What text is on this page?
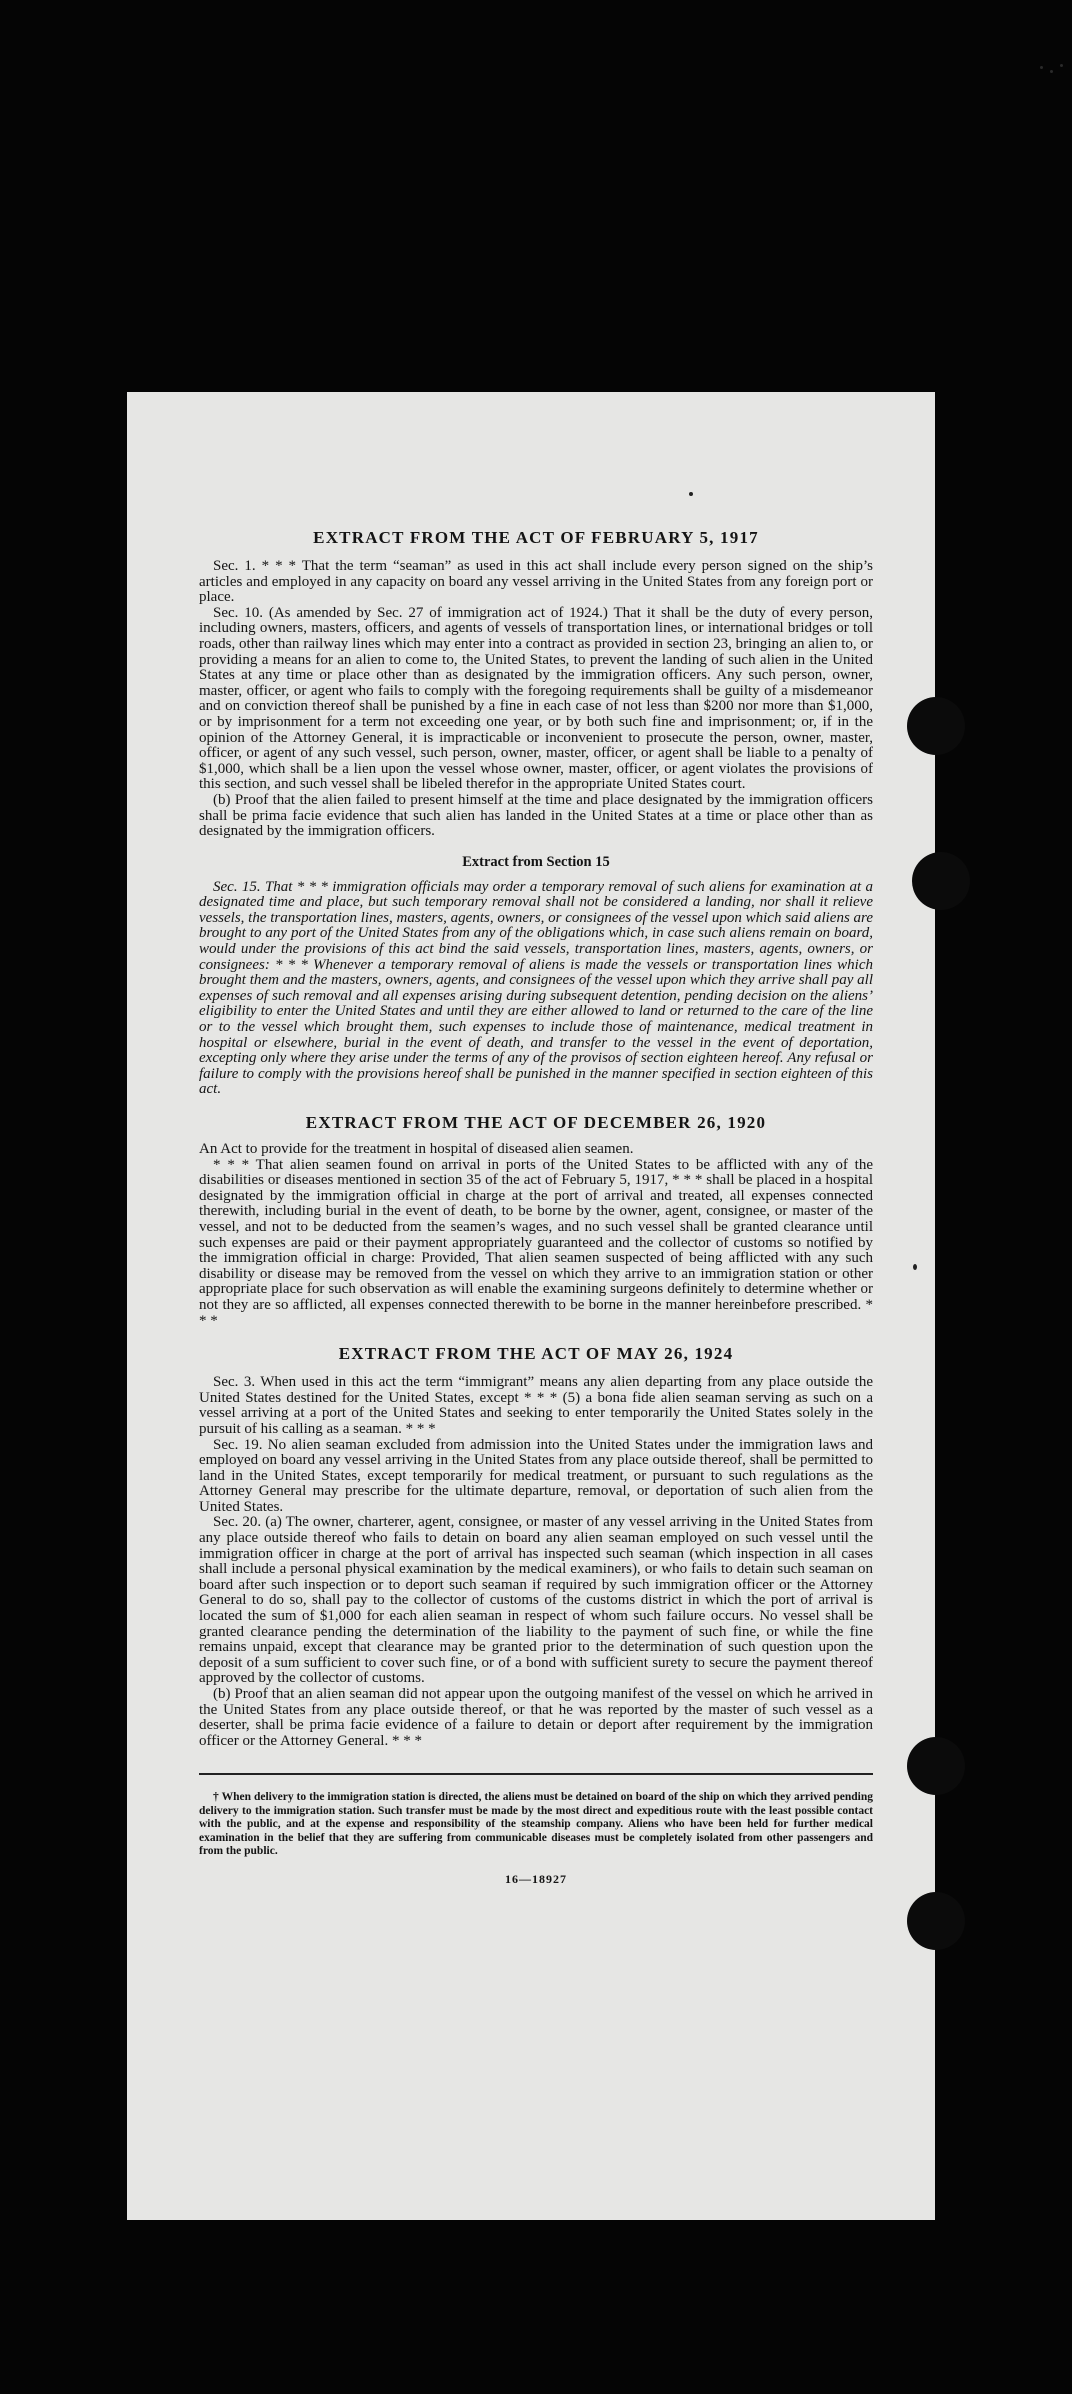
EXTRACT FROM THE ACT OF FEBRUARY 5, 1917

Sec. 1. * * * That the term “seaman” as used in this act shall include every person signed on the ship’s articles and employed in any capacity on board any vessel arriving in the United States from any foreign port or place.

Sec. 10. (As amended by Sec. 27 of immigration act of 1924.) That it shall be the duty of every person, including owners, masters, officers, and agents of vessels of transportation lines, or international bridges or toll roads, other than railway lines which may enter into a contract as provided in section 23, bringing an alien to, or providing a means for an alien to come to, the United States, to prevent the landing of such alien in the United States at any time or place other than as designated by the immigration officers. Any such person, owner, master, officer, or agent who fails to comply with the foregoing requirements shall be guilty of a misdemeanor and on conviction thereof shall be punished by a fine in each case of not less than $200 nor more than $1,000, or by imprisonment for a term not exceeding one year, or by both such fine and imprisonment; or, if in the opinion of the Attorney General, it is impracticable or inconvenient to prosecute the person, owner, master, officer, or agent of any such vessel, such person, owner, master, officer, or agent shall be liable to a penalty of $1,000, which shall be a lien upon the vessel whose owner, master, officer, or agent violates the provisions of this section, and such vessel shall be libeled therefor in the appropriate United States court.

(b) Proof that the alien failed to present himself at the time and place designated by the immigration officers shall be prima facie evidence that such alien has landed in the United States at a time or place other than as designated by the immigration officers.

Extract from Section 15

Sec. 15. That * * * immigration officials may order a temporary removal of such aliens for examination at a designated time and place, but such temporary removal shall not be considered a landing, nor shall it relieve vessels, the transportation lines, masters, agents, owners, or consignees of the vessel upon which said aliens are brought to any port of the United States from any of the obligations which, in case such aliens remain on board, would under the provisions of this act bind the said vessels, transportation lines, masters, agents, owners, or consignees: * * * Whenever a temporary removal of aliens is made the vessels or transportation lines which brought them and the masters, owners, agents, and consignees of the vessel upon which they arrive shall pay all expenses of such removal and all expenses arising during subsequent detention, pending decision on the aliens’ eligibility to enter the United States and until they are either allowed to land or returned to the care of the line or to the vessel which brought them, such expenses to include those of maintenance, medical treatment in hospital or elsewhere, burial in the event of death, and transfer to the vessel in the event of deportation, excepting only where they arise under the terms of any of the provisos of section eighteen hereof. Any refusal or failure to comply with the provisions hereof shall be punished in the manner specified in section eighteen of this act.

EXTRACT FROM THE ACT OF DECEMBER 26, 1920

An Act to provide for the treatment in hospital of diseased alien seamen.

* * * That alien seamen found on arrival in ports of the United States to be afflicted with any of the disabilities or diseases mentioned in section 35 of the act of February 5, 1917, * * * shall be placed in a hospital designated by the immigration official in charge at the port of arrival and treated, all expenses connected therewith, including burial in the event of death, to be borne by the owner, agent, consignee, or master of the vessel, and not to be deducted from the seamen’s wages, and no such vessel shall be granted clearance until such expenses are paid or their payment appropriately guaranteed and the collector of customs so notified by the immigration official in charge: Provided, That alien seamen suspected of being afflicted with any such disability or disease may be removed from the vessel on which they arrive to an immigration station or other appropriate place for such observation as will enable the examining surgeons definitely to determine whether or not they are so afflicted, all expenses connected therewith to be borne in the manner hereinbefore prescribed. * * *

EXTRACT FROM THE ACT OF MAY 26, 1924

Sec. 3. When used in this act the term “immigrant” means any alien departing from any place outside the United States destined for the United States, except * * * (5) a bona fide alien seaman serving as such on a vessel arriving at a port of the United States and seeking to enter temporarily the United States solely in the pursuit of his calling as a seaman. * * *

Sec. 19. No alien seaman excluded from admission into the United States under the immigration laws and employed on board any vessel arriving in the United States from any place outside thereof, shall be permitted to land in the United States, except temporarily for medical treatment, or pursuant to such regulations as the Attorney General may prescribe for the ultimate departure, removal, or deportation of such alien from the United States.

Sec. 20. (a) The owner, charterer, agent, consignee, or master of any vessel arriving in the United States from any place outside thereof who fails to detain on board any alien seaman employed on such vessel until the immigration officer in charge at the port of arrival has inspected such seaman (which inspection in all cases shall include a personal physical examination by the medical examiners), or who fails to detain such seaman on board after such inspection or to deport such seaman if required by such immigration officer or the Attorney General to do so, shall pay to the collector of customs of the customs district in which the port of arrival is located the sum of $1,000 for each alien seaman in respect of whom such failure occurs. No vessel shall be granted clearance pending the determination of the liability to the payment of such fine, or while the fine remains unpaid, except that clearance may be granted prior to the determination of such question upon the deposit of a sum sufficient to cover such fine, or of a bond with sufficient surety to secure the payment thereof approved by the collector of customs.

(b) Proof that an alien seaman did not appear upon the outgoing manifest of the vessel on which he arrived in the United States from any place outside thereof, or that he was reported by the master of such vessel as a deserter, shall be prima facie evidence of a failure to detain or deport after requirement by the immigration officer or the Attorney General. * * *

† When delivery to the immigration station is directed, the aliens must be detained on board of the ship on which they arrived pending delivery to the immigration station. Such transfer must be made by the most direct and expeditious route with the least possible contact with the public, and at the expense and responsibility of the steamship company. Aliens who have been held for further medical examination in the belief that they are suffering from communicable diseases must be completely isolated from other passengers and from the public.

16—18927
